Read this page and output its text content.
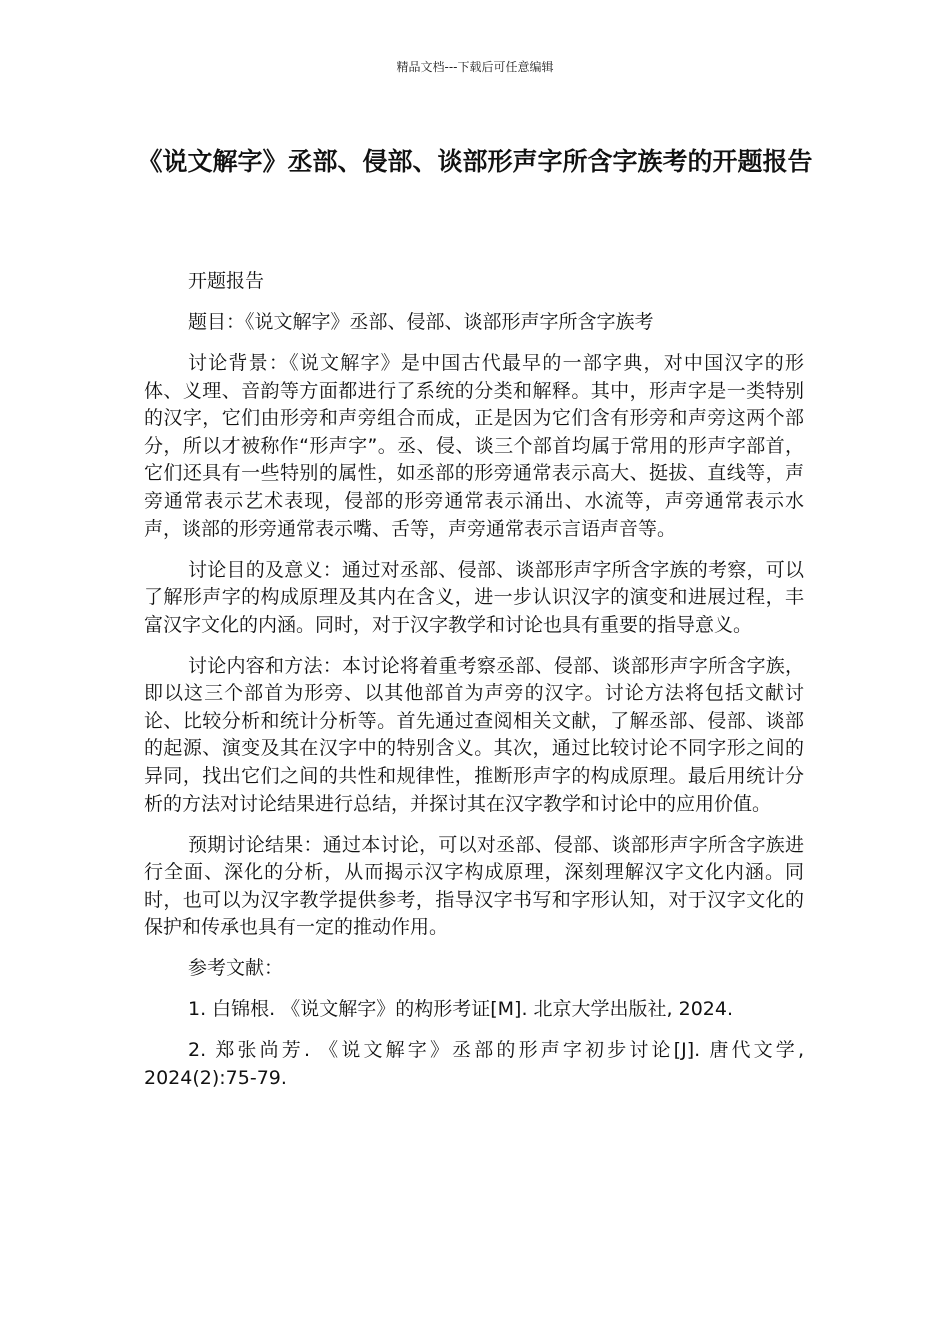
精品文档---下载后可任意编辑
《说文解字》丞部、侵部、谈部形声字所含字族考的开题报告

开题报告

题目：《说文解字》丞部、侵部、谈部形声字所含字族考

讨论背景：《说文解字》是中国古代最早的一部字典，对中国汉字的形体、义理、音韵等方面都进行了系统的分类和解释。其中，形声字是一类特别的汉字，它们由形旁和声旁组合而成，正是因为它们含有形旁和声旁这两个部分，所以才被称作“形声字”。丞、侵、谈三个部首均属于常用的形声字部首，它们还具有一些特别的属性，如丞部的形旁通常表示高大、挺拔、直线等，声旁通常表示艺术表现，侵部的形旁通常表示涌出、水流等，声旁通常表示水声，谈部的形旁通常表示嘴、舌等，声旁通常表示言语声音等。

讨论目的及意义：通过对丞部、侵部、谈部形声字所含字族的考察，可以了解形声字的构成原理及其内在含义，进一步认识汉字的演变和进展过程，丰富汉字文化的内涵。同时，对于汉字教学和讨论也具有重要的指导意义。

讨论内容和方法：本讨论将着重考察丞部、侵部、谈部形声字所含字族，即以这三个部首为形旁、以其他部首为声旁的汉字。讨论方法将包括文献讨论、比较分析和统计分析等。首先通过查阅相关文献，了解丞部、侵部、谈部的起源、演变及其在汉字中的特别含义。其次，通过比较讨论不同字形之间的异同，找出它们之间的共性和规律性，推断形声字的构成原理。最后用统计分析的方法对讨论结果进行总结，并探讨其在汉字教学和讨论中的应用价值。

预期讨论结果：通过本讨论，可以对丞部、侵部、谈部形声字所含字族进行全面、深化的分析，从而揭示汉字构成原理，深刻理解汉字文化内涵。同时，也可以为汉字教学提供参考，指导汉字书写和字形认知，对于汉字文化的保护和传承也具有一定的推动作用。

参考文献：

1. 白锦根. 《说文解字》的构形考证[M]. 北京大学出版社, 2024.

2. 郑张尚芳. 《说文解字》丞部的形声字初步讨论[J]. 唐代文学, 2024(2):75-79.
